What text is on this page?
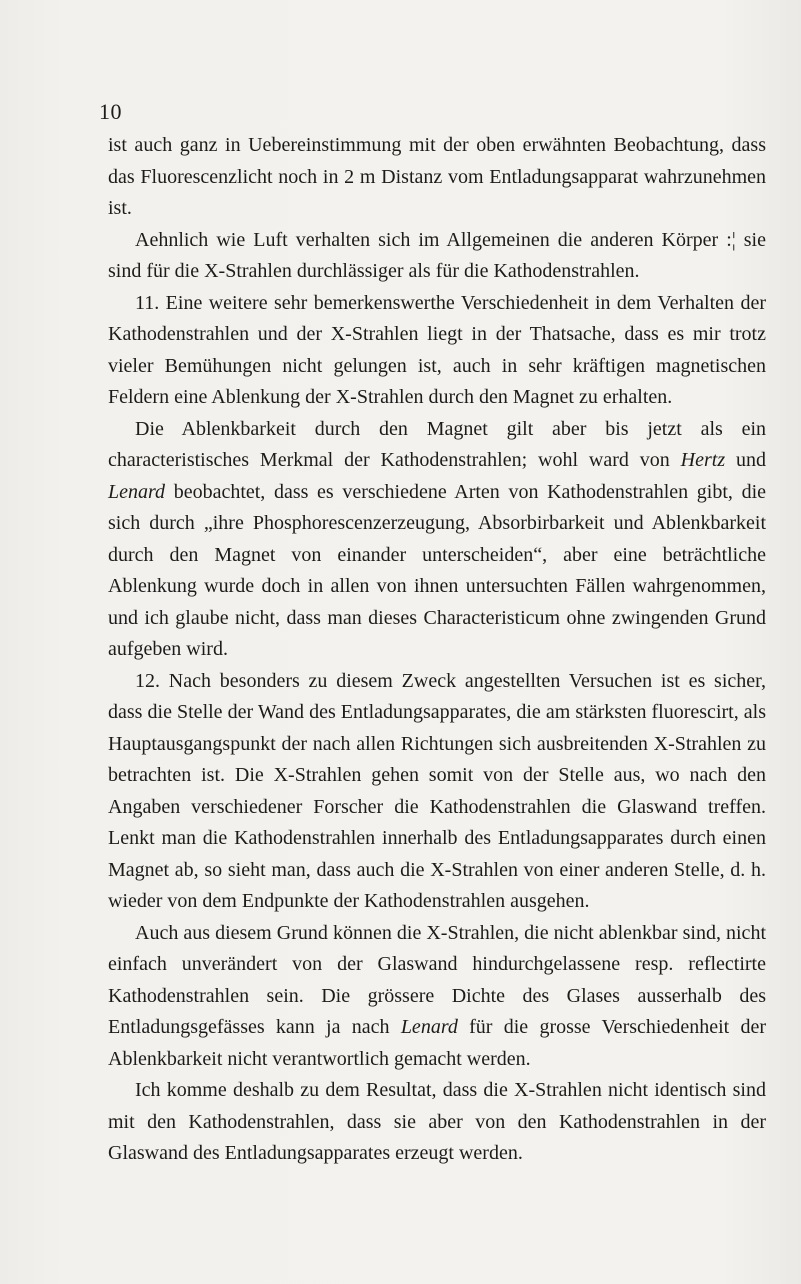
10

ist auch ganz in Uebereinstimmung mit der oben erwähnten Beobachtung, dass das Fluorescenzlicht noch in 2 m Distanz vom Entladungsapparat wahrzunehmen ist.

Aehnlich wie Luft verhalten sich im Allgemeinen die anderen Körper :¦ sie sind für die X-Strahlen durchlässiger als für die Kathodenstrahlen.

11. Eine weitere sehr bemerkenswerthe Verschiedenheit in dem Verhalten der Kathodenstrahlen und der X-Strahlen liegt in der Thatsache, dass es mir trotz vieler Bemühungen nicht gelungen ist, auch in sehr kräftigen magnetischen Feldern eine Ablenkung der X-Strahlen durch den Magnet zu erhalten.

Die Ablenkbarkeit durch den Magnet gilt aber bis jetzt als ein characteristisches Merkmal der Kathodenstrahlen; wohl ward von Hertz und Lenard beobachtet, dass es verschiedene Arten von Kathodenstrahlen gibt, die sich durch „ihre Phosphorescenzerzeugung, Absorbirbarkeit und Ablenkbarkeit durch den Magnet von einander unterscheiden“, aber eine beträchtliche Ablenkung wurde doch in allen von ihnen untersuchten Fällen wahrgenommen, und ich glaube nicht, dass man dieses Characteristicum ohne zwingenden Grund aufgeben wird.

12. Nach besonders zu diesem Zweck angestellten Versuchen ist es sicher, dass die Stelle der Wand des Entladungsapparates, die am stärksten fluorescirt, als Hauptausgangspunkt der nach allen Richtungen sich ausbreitenden X-Strahlen zu betrachten ist. Die X-Strahlen gehen somit von der Stelle aus, wo nach den Angaben verschiedener Forscher die Kathodenstrahlen die Glaswand treffen. Lenkt man die Kathodenstrahlen innerhalb des Entladungsapparates durch einen Magnet ab, so sieht man, dass auch die X-Strahlen von einer anderen Stelle, d. h. wieder von dem Endpunkte der Kathodenstrahlen ausgehen.

Auch aus diesem Grund können die X-Strahlen, die nicht ablenkbar sind, nicht einfach unverändert von der Glaswand hindurchgelassene resp. reflectirte Kathodenstrahlen sein. Die grössere Dichte des Glases ausserhalb des Entladungsgefässes kann ja nach Lenard für die grosse Verschiedenheit der Ablenkbarkeit nicht verantwortlich gemacht werden.

Ich komme deshalb zu dem Resultat, dass die X-Strahlen nicht identisch sind mit den Kathodenstrahlen, dass sie aber von den Kathodenstrahlen in der Glaswand des Entladungsapparates erzeugt werden.
